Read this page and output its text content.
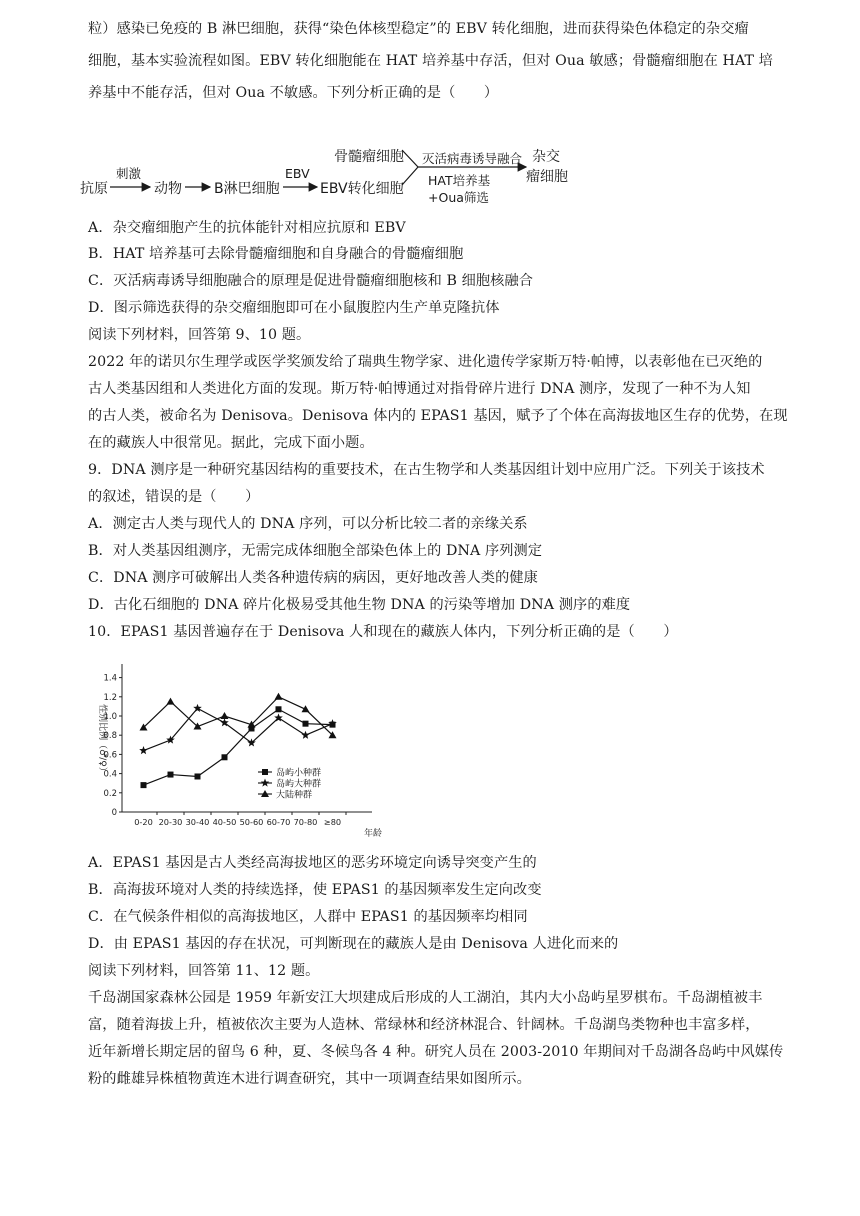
粒）感染已免疫的 B 淋巴细胞，获得“染色体核型稳定”的 EBV 转化细胞，进而获得染色体稳定的杂交瘤
细胞，基本实验流程如图。EBV 转化细胞能在 HAT 培养基中存活，但对 Oua 敏感；骨髓瘤细胞在 HAT 培
养基中不能存活，但对 Oua 不敏感。下列分析正确的是（　　）
抗原
刺激
动物 B淋巴细胞
EBV
EBV转化细胞
骨髓瘤细胞 灭活病毒诱导融合
HAT培养基
+Oua筛选
杂交
瘤细胞
A．杂交瘤细胞产生的抗体能针对相应抗原和 EBV
B．HAT 培养基可去除骨髓瘤细胞和自身融合的骨髓瘤细胞
C．灭活病毒诱导细胞融合的原理是促进骨髓瘤细胞核和 B 细胞核融合
D．图示筛选获得的杂交瘤细胞即可在小鼠腹腔内生产单克隆抗体
阅读下列材料，回答第 9、10 题。
2022 年的诺贝尔生理学或医学奖颁发给了瑞典生物学家、进化遗传学家斯万特·帕博，以表彰他在已灭绝的
古人类基因组和人类进化方面的发现。斯万特·帕博通过对指骨碎片进行 DNA 测序，发现了一种不为人知
的古人类，被命名为 Denisova。Denisova 体内的 EPAS1 基因，赋予了个体在高海拔地区生存的优势，在现
在的藏族人中很常见。据此，完成下面小题。
9．DNA 测序是一种研究基因结构的重要技术，在古生物学和人类基因组计划中应用广泛。下列关于该技术
的叙述，错误的是（　　）
A．测定古人类与现代人的 DNA 序列，可以分析比较二者的亲缘关系
B．对人类基因组测序，无需完成体细胞全部染色体上的 DNA 序列测定
C．DNA 测序可破解出人类各种遗传病的病因，更好地改善人类的健康
D．古化石细胞的 DNA 碎片化极易受其他生物 DNA 的污染等增加 DNA 测序的难度
10．EPAS1 基因普遍存在于 Denisova 人和现在的藏族人体内，下列分析正确的是（　　）
0
0.2
0.4
0.6
0.8
1.0
1.2
1.4
0-20 20-30 30-40 40-50 50-60 60-70 70-80 ≥80
年龄
性别比例（♂/♀）	岛屿小种群
岛屿大种群
大陆种群
A．EPAS1 基因是古人类经高海拔地区的恶劣环境定向诱导突变产生的
B．高海拔环境对人类的持续选择，使 EPAS1 的基因频率发生定向改变
C．在气候条件相似的高海拔地区，人群中 EPAS1 的基因频率均相同
D．由 EPAS1 基因的存在状况，可判断现在的藏族人是由 Denisova 人进化而来的
阅读下列材料，回答第 11、12 题。
千岛湖国家森林公园是 1959 年新安江大坝建成后形成的人工湖泊，其内大小岛屿星罗棋布。千岛湖植被丰
富，随着海拔上升，植被依次主要为人造林、常绿林和经济林混合、针阔林。千岛湖鸟类物种也丰富多样，
近年新增长期定居的留鸟 6 种，夏、冬候鸟各 4 种。研究人员在 2003-2010 年期间对千岛湖各岛屿中风媒传
粉的雌雄异株植物黄连木进行调查研究，其中一项调查结果如图所示。
